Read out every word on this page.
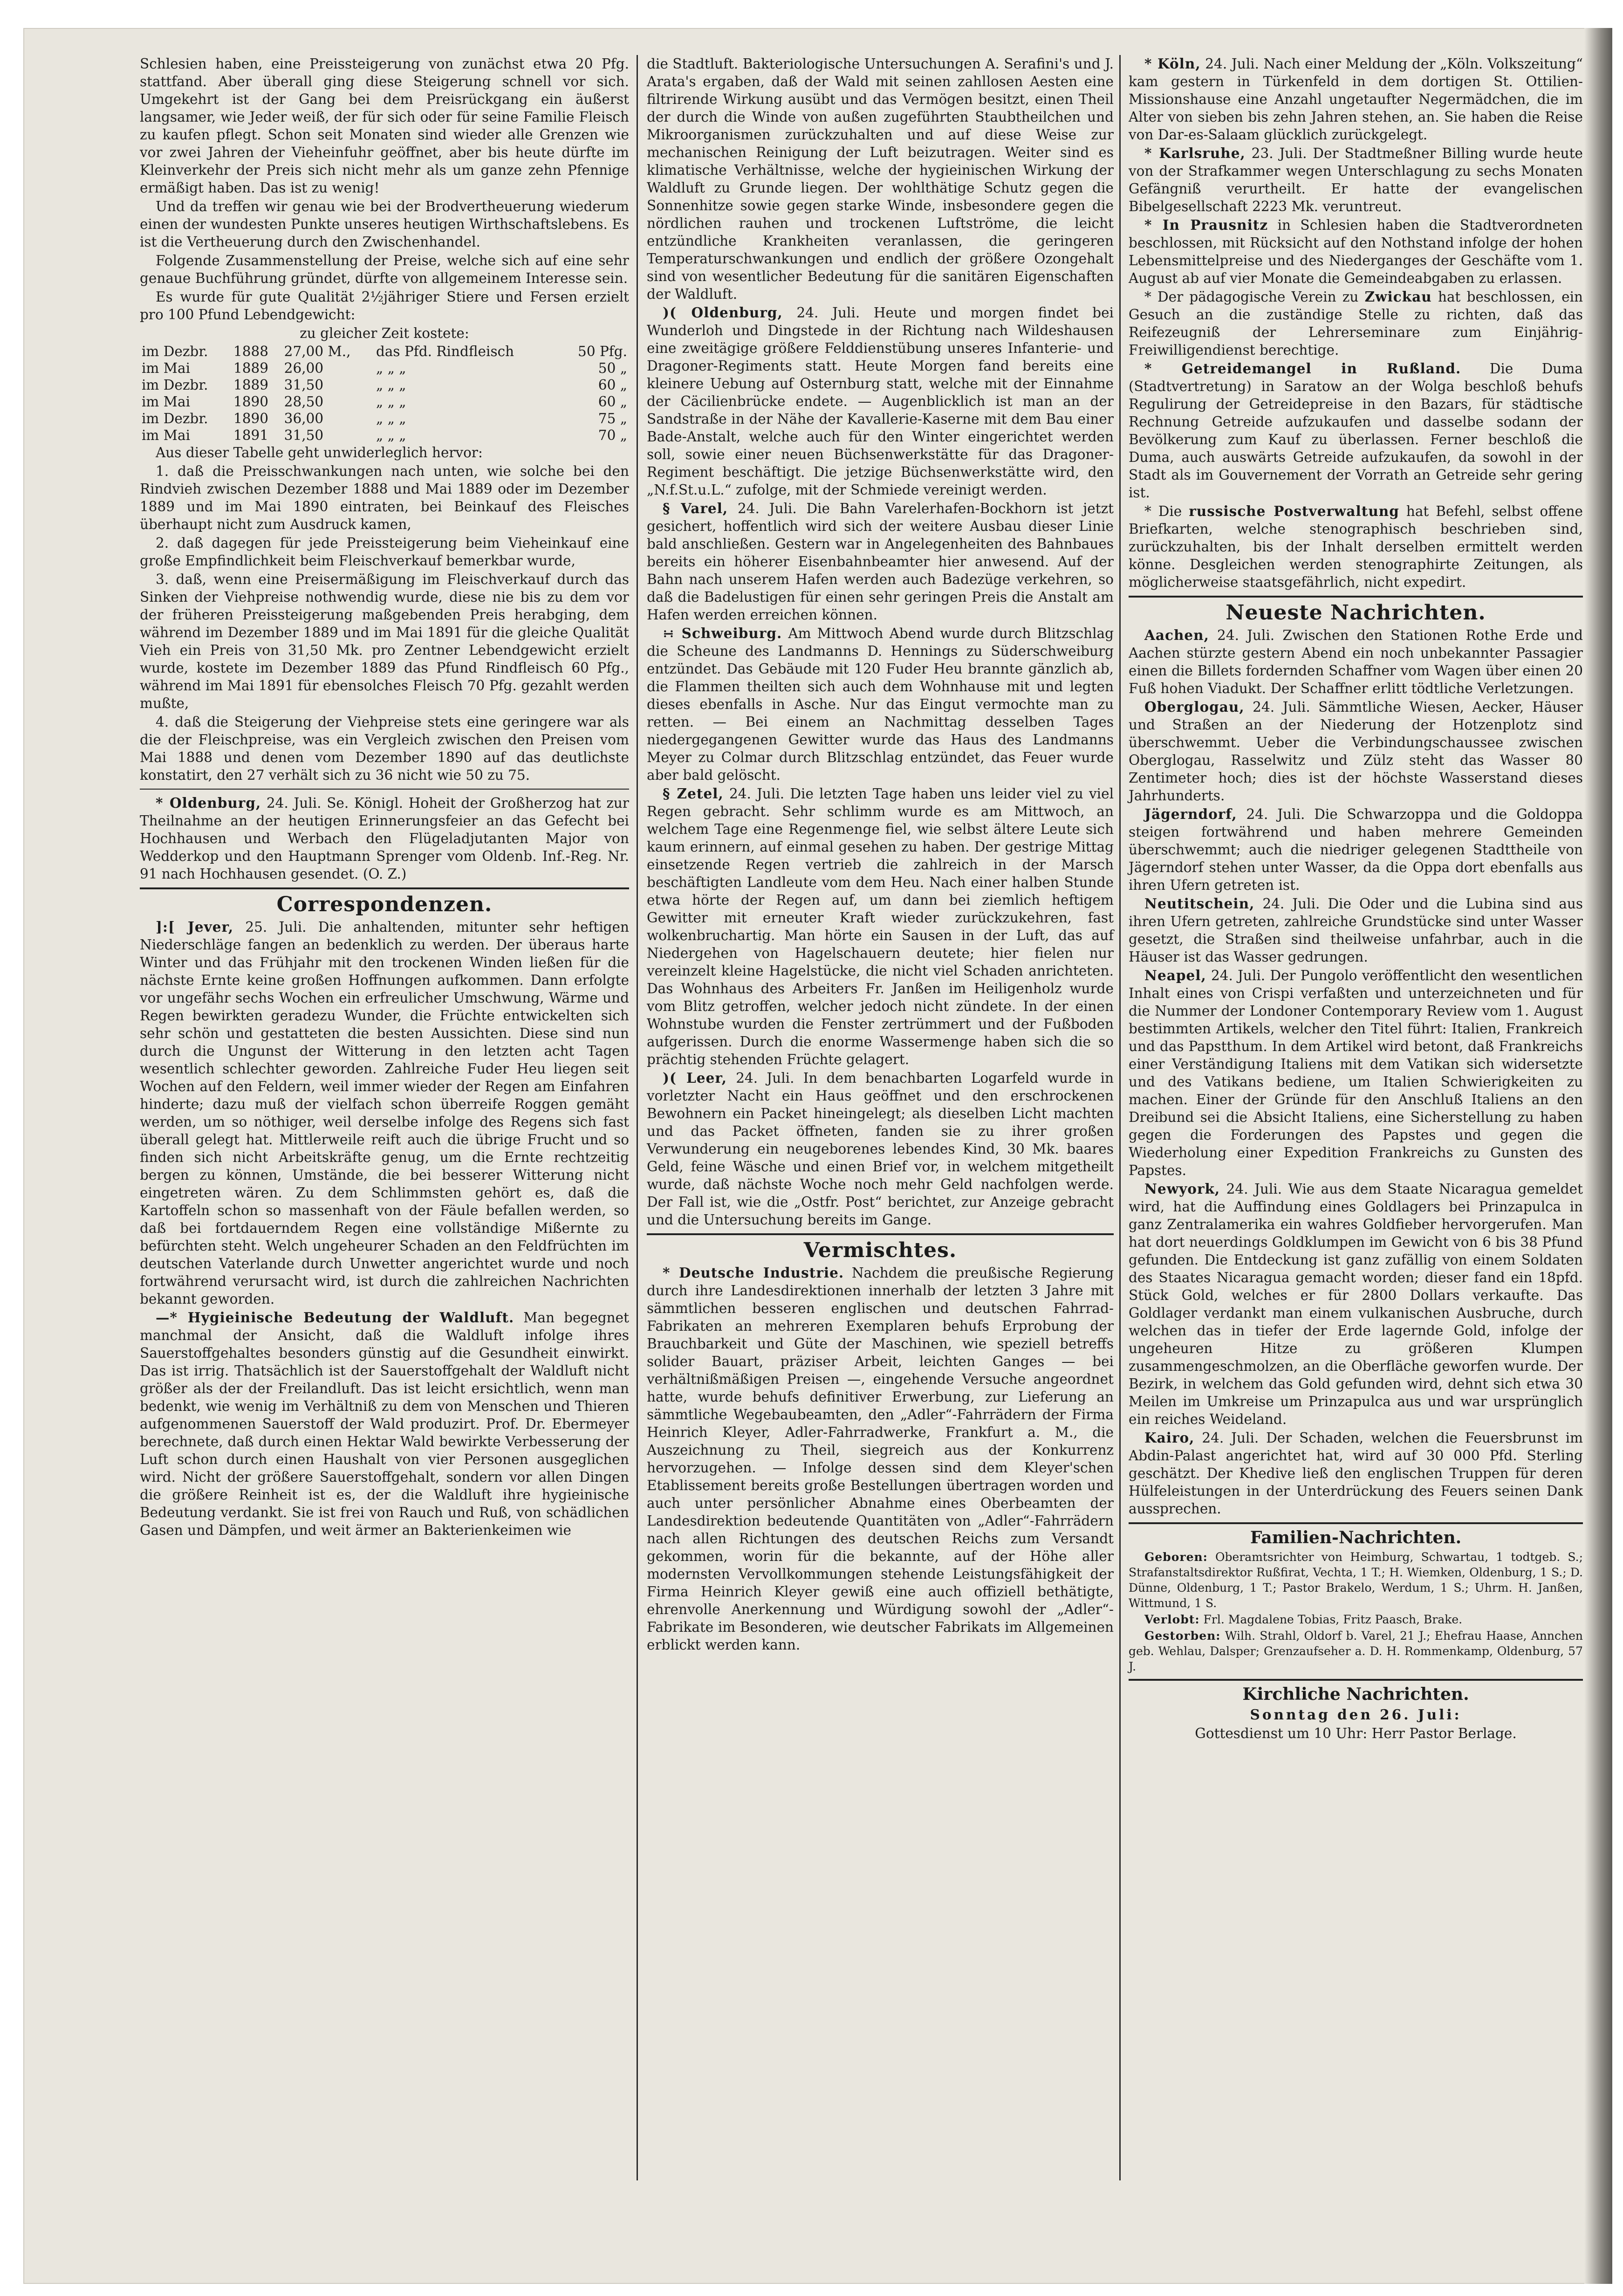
Schlesien haben, eine Preissteigerung von zunächst etwa 20 Pfg. stattfand. Aber überall ging diese Steigerung schnell vor sich. Umgekehrt ist der Gang bei dem Preisrückgang ein äußerst langsamer, wie Jeder weiß, der für sich oder für seine Familie Fleisch zu kaufen pflegt. Schon seit Monaten sind wieder alle Grenzen wie vor zwei Jahren der Vieheinfuhr geöffnet, aber bis heute dürfte im Kleinverkehr der Preis sich nicht mehr als um ganze zehn Pfennige ermäßigt haben. Das ist zu wenig!

Und da treffen wir genau wie bei der Brodvertheuerung wiederum einen der wundesten Punkte unseres heutigen Wirthschaftslebens. Es ist die Vertheuerung durch den Zwischenhandel.

Folgende Zusammenstellung der Preise, welche sich auf eine sehr genaue Buchführung gründet, dürfte von allgemeinem Interesse sein.

Es wurde für gute Qualität 2½jähriger Stiere und Fersen erzielt pro 100 Pfund Lebendgewicht:

zu gleicher Zeit kostete:

im Dezbr.	1888	27,00 M.,	das Pfd. Rindfleisch	50 Pfg.
im Mai	1889	26,00	„ „ „	50 „
im Dezbr.	1889	31,50	„ „ „	60 „
im Mai	1890	28,50	„ „ „	60 „
im Dezbr.	1890	36,00	„ „ „	75 „
im Mai	1891	31,50	„ „ „	70 „

Aus dieser Tabelle geht unwiderleglich hervor:

1. daß die Preisschwankungen nach unten, wie solche bei den Rindvieh zwischen Dezember 1888 und Mai 1889 oder im Dezember 1889 und im Mai 1890 eintraten, bei Beinkauf des Fleisches überhaupt nicht zum Ausdruck kamen,

2. daß dagegen für jede Preissteigerung beim Vieheinkauf eine große Empfindlichkeit beim Fleischverkauf bemerkbar wurde,

3. daß, wenn eine Preisermäßigung im Fleischverkauf durch das Sinken der Viehpreise nothwendig wurde, diese nie bis zu dem vor der früheren Preissteigerung maßgebenden Preis herabging, dem während im Dezember 1889 und im Mai 1891 für die gleiche Qualität Vieh ein Preis von 31,50 Mk. pro Zentner Lebendgewicht erzielt wurde, kostete im Dezember 1889 das Pfund Rindfleisch 60 Pfg., während im Mai 1891 für ebensolches Fleisch 70 Pfg. gezahlt werden mußte,

4. daß die Steigerung der Viehpreise stets eine geringere war als die der Fleischpreise, was ein Vergleich zwischen den Preisen vom Mai 1888 und denen vom Dezember 1890 auf das deutlichste konstatirt, den 27 verhält sich zu 36 nicht wie 50 zu 75.

* Oldenburg, 24. Juli. Se. Königl. Hoheit der Großherzog hat zur Theilnahme an der heutigen Erinnerungsfeier an das Gefecht bei Hochhausen und Werbach den Flügeladjutanten Major von Wedderkop und den Hauptmann Sprenger vom Oldenb. Inf.-Reg. Nr. 91 nach Hochhausen gesendet. (O. Z.)

Correspondenzen.

]:[ Jever, 25. Juli. Die anhaltenden, mitunter sehr heftigen Niederschläge fangen an bedenklich zu werden. Der überaus harte Winter und das Frühjahr mit den trockenen Winden ließen für die nächste Ernte keine großen Hoffnungen aufkommen. Dann erfolgte vor ungefähr sechs Wochen ein erfreulicher Umschwung, Wärme und Regen bewirkten geradezu Wunder, die Früchte entwickelten sich sehr schön und gestatteten die besten Aussichten. Diese sind nun durch die Ungunst der Witterung in den letzten acht Tagen wesentlich schlechter geworden. Zahlreiche Fuder Heu liegen seit Wochen auf den Feldern, weil immer wieder der Regen am Einfahren hinderte; dazu muß der vielfach schon überreife Roggen gemäht werden, um so nöthiger, weil derselbe infolge des Regens sich fast überall gelegt hat. Mittlerweile reift auch die übrige Frucht und so finden sich nicht Arbeitskräfte genug, um die Ernte rechtzeitig bergen zu können, Umstände, die bei besserer Witterung nicht eingetreten wären. Zu dem Schlimmsten gehört es, daß die Kartoffeln schon so massenhaft von der Fäule befallen werden, so daß bei fortdauerndem Regen eine vollständige Mißernte zu befürchten steht. Welch ungeheurer Schaden an den Feldfrüchten im deutschen Vaterlande durch Unwetter angerichtet wurde und noch fortwährend verursacht wird, ist durch die zahlreichen Nachrichten bekannt geworden.

—* Hygieinische Bedeutung der Waldluft. Man begegnet manchmal der Ansicht, daß die Waldluft infolge ihres Sauerstoffgehaltes besonders günstig auf die Gesundheit einwirkt. Das ist irrig. Thatsächlich ist der Sauerstoffgehalt der Waldluft nicht größer als der der Freilandluft. Das ist leicht ersichtlich, wenn man bedenkt, wie wenig im Verhältniß zu dem von Menschen und Thieren aufgenommenen Sauerstoff der Wald produzirt. Prof. Dr. Ebermeyer berechnete, daß durch einen Hektar Wald bewirkte Verbesserung der Luft schon durch einen Haushalt von vier Personen ausgeglichen wird. Nicht der größere Sauerstoffgehalt, sondern vor allen Dingen die größere Reinheit ist es, der die Waldluft ihre hygieinische Bedeutung verdankt. Sie ist frei von Rauch und Ruß, von schädlichen Gasen und Dämpfen, und weit ärmer an Bakterienkeimen wie

die Stadtluft. Bakteriologische Untersuchungen A. Serafini's und J. Arata's ergaben, daß der Wald mit seinen zahllosen Aesten eine filtrirende Wirkung ausübt und das Vermögen besitzt, einen Theil der durch die Winde von außen zugeführten Staubtheilchen und Mikroorganismen zurückzuhalten und auf diese Weise zur mechanischen Reinigung der Luft beizutragen. Weiter sind es klimatische Verhältnisse, welche der hygieinischen Wirkung der Waldluft zu Grunde liegen. Der wohlthätige Schutz gegen die Sonnenhitze sowie gegen starke Winde, insbesondere gegen die nördlichen rauhen und trockenen Luftströme, die leicht entzündliche Krankheiten veranlassen, die geringeren Temperaturschwankungen und endlich der größere Ozongehalt sind von wesentlicher Bedeutung für die sanitären Eigenschaften der Waldluft.

)( Oldenburg, 24. Juli. Heute und morgen findet bei Wunderloh und Dingstede in der Richtung nach Wildeshausen eine zweitägige größere Felddienstübung unseres Infanterie- und Dragoner-Regiments statt. Heute Morgen fand bereits eine kleinere Uebung auf Osternburg statt, welche mit der Einnahme der Cäcilienbrücke endete. — Augenblicklich ist man an der Sandstraße in der Nähe der Kavallerie-Kaserne mit dem Bau einer Bade-Anstalt, welche auch für den Winter eingerichtet werden soll, sowie einer neuen Büchsenwerkstätte für das Dragoner-Regiment beschäftigt. Die jetzige Büchsenwerkstätte wird, den „N.f.St.u.L.“ zufolge, mit der Schmiede vereinigt werden.

§ Varel, 24. Juli. Die Bahn Varelerhafen-Bockhorn ist jetzt gesichert, hoffentlich wird sich der weitere Ausbau dieser Linie bald anschließen. Gestern war in Angelegenheiten des Bahnbaues bereits ein höherer Eisenbahnbeamter hier anwesend. Auf der Bahn nach unserem Hafen werden auch Badezüge verkehren, so daß die Badelustigen für einen sehr geringen Preis die Anstalt am Hafen werden erreichen können.

∺ Schweiburg. Am Mittwoch Abend wurde durch Blitzschlag die Scheune des Landmanns D. Hennings zu Süderschweiburg entzündet. Das Gebäude mit 120 Fuder Heu brannte gänzlich ab, die Flammen theilten sich auch dem Wohnhause mit und legten dieses ebenfalls in Asche. Nur das Eingut vermochte man zu retten. — Bei einem an Nachmittag desselben Tages niedergegangenen Gewitter wurde das Haus des Landmanns Meyer zu Colmar durch Blitzschlag entzündet, das Feuer wurde aber bald gelöscht.

§ Zetel, 24. Juli. Die letzten Tage haben uns leider viel zu viel Regen gebracht. Sehr schlimm wurde es am Mittwoch, an welchem Tage eine Regenmenge fiel, wie selbst ältere Leute sich kaum erinnern, auf einmal gesehen zu haben. Der gestrige Mittag einsetzende Regen vertrieb die zahlreich in der Marsch beschäftigten Landleute vom dem Heu. Nach einer halben Stunde etwa hörte der Regen auf, um dann bei ziemlich heftigem Gewitter mit erneuter Kraft wieder zurückzukehren, fast wolkenbruchartig. Man hörte ein Sausen in der Luft, das auf Niedergehen von Hagelschauern deutete; hier fielen nur vereinzelt kleine Hagelstücke, die nicht viel Schaden anrichteten. Das Wohnhaus des Arbeiters Fr. Janßen im Heiligenholz wurde vom Blitz getroffen, welcher jedoch nicht zündete. In der einen Wohnstube wurden die Fenster zertrümmert und der Fußboden aufgerissen. Durch die enorme Wassermenge haben sich die so prächtig stehenden Früchte gelagert.

)( Leer, 24. Juli. In dem benachbarten Logarfeld wurde in vorletzter Nacht ein Haus geöffnet und den erschrockenen Bewohnern ein Packet hineingelegt; als dieselben Licht machten und das Packet öffneten, fanden sie zu ihrer großen Verwunderung ein neugeborenes lebendes Kind, 30 Mk. baares Geld, feine Wäsche und einen Brief vor, in welchem mitgetheilt wurde, daß nächste Woche noch mehr Geld nachfolgen werde. Der Fall ist, wie die „Ostfr. Post“ berichtet, zur Anzeige gebracht und die Untersuchung bereits im Gange.

Vermischtes.

* Deutsche Industrie. Nachdem die preußische Regierung durch ihre Landesdirektionen innerhalb der letzten 3 Jahre mit sämmtlichen besseren englischen und deutschen Fahrrad-Fabrikaten an mehreren Exemplaren behufs Erprobung der Brauchbarkeit und Güte der Maschinen, wie speziell betreffs solider Bauart, präziser Arbeit, leichten Ganges — bei verhältnißmäßigen Preisen —, eingehende Versuche angeordnet hatte, wurde behufs definitiver Erwerbung, zur Lieferung an sämmtliche Wegebaubeamten, den „Adler“-Fahrrädern der Firma Heinrich Kleyer, Adler-Fahrradwerke, Frankfurt a. M., die Auszeichnung zu Theil, siegreich aus der Konkurrenz hervorzugehen. — Infolge dessen sind dem Kleyer'schen Etablissement bereits große Bestellungen übertragen worden und auch unter persönlicher Abnahme eines Oberbeamten der Landesdirektion bedeutende Quantitäten von „Adler“-Fahrrädern nach allen Richtungen des deutschen Reichs zum Versandt gekommen, worin für die bekannte, auf der Höhe aller modernsten Vervollkommungen stehende Leistungsfähigkeit der Firma Heinrich Kleyer gewiß eine auch offiziell bethätigte, ehrenvolle Anerkennung und Würdigung sowohl der „Adler“-Fabrikate im Besonderen, wie deutscher Fabrikats im Allgemeinen erblickt werden kann.

* Köln, 24. Juli. Nach einer Meldung der „Köln. Volkszeitung“ kam gestern in Türkenfeld in dem dortigen St. Ottilien-Missionshause eine Anzahl ungetaufter Negermädchen, die im Alter von sieben bis zehn Jahren stehen, an. Sie haben die Reise von Dar-es-Salaam glücklich zurückgelegt.

* Karlsruhe, 23. Juli. Der Stadtmeßner Billing wurde heute von der Strafkammer wegen Unterschlagung zu sechs Monaten Gefängniß verurtheilt. Er hatte der evangelischen Bibelgesellschaft 2223 Mk. veruntreut.

* In Prausnitz in Schlesien haben die Stadtverordneten beschlossen, mit Rücksicht auf den Nothstand infolge der hohen Lebensmittelpreise und des Niederganges der Geschäfte vom 1. August ab auf vier Monate die Gemeindeabgaben zu erlassen.

* Der pädagogische Verein zu Zwickau hat beschlossen, ein Gesuch an die zuständige Stelle zu richten, daß das Reifezeugniß der Lehrerseminare zum Einjährig-Freiwilligendienst berechtige.

* Getreidemangel in Rußland. Die Duma (Stadtvertretung) in Saratow an der Wolga beschloß behufs Regulirung der Getreidepreise in den Bazars, für städtische Rechnung Getreide aufzukaufen und dasselbe sodann der Bevölkerung zum Kauf zu überlassen. Ferner beschloß die Duma, auch auswärts Getreide aufzukaufen, da sowohl in der Stadt als im Gouvernement der Vorrath an Getreide sehr gering ist.

* Die russische Postverwaltung hat Befehl, selbst offene Briefkarten, welche stenographisch beschrieben sind, zurückzuhalten, bis der Inhalt derselben ermittelt werden könne. Desgleichen werden stenographirte Zeitungen, als möglicherweise staatsgefährlich, nicht expedirt.

Neueste Nachrichten.

Aachen, 24. Juli. Zwischen den Stationen Rothe Erde und Aachen stürzte gestern Abend ein noch unbekannter Passagier einen die Billets fordernden Schaffner vom Wagen über einen 20 Fuß hohen Viadukt. Der Schaffner erlitt tödtliche Verletzungen.

Oberglogau, 24. Juli. Sämmtliche Wiesen, Aecker, Häuser und Straßen an der Niederung der Hotzenplotz sind überschwemmt. Ueber die Verbindungschaussee zwischen Oberglogau, Rasselwitz und Zülz steht das Wasser 80 Zentimeter hoch; dies ist der höchste Wasserstand dieses Jahrhunderts.

Jägerndorf, 24. Juli. Die Schwarzoppa und die Goldoppa steigen fortwährend und haben mehrere Gemeinden überschwemmt; auch die niedriger gelegenen Stadttheile von Jägerndorf stehen unter Wasser, da die Oppa dort ebenfalls aus ihren Ufern getreten ist.

Neutitschein, 24. Juli. Die Oder und die Lubina sind aus ihren Ufern getreten, zahlreiche Grundstücke sind unter Wasser gesetzt, die Straßen sind theilweise unfahrbar, auch in die Häuser ist das Wasser gedrungen.

Neapel, 24. Juli. Der Pungolo veröffentlicht den wesentlichen Inhalt eines von Crispi verfaßten und unterzeichneten und für die Nummer der Londoner Contemporary Review vom 1. August bestimmten Artikels, welcher den Titel führt: Italien, Frankreich und das Papstthum. In dem Artikel wird betont, daß Frankreichs einer Verständigung Italiens mit dem Vatikan sich widersetzte und des Vatikans bediene, um Italien Schwierigkeiten zu machen. Einer der Gründe für den Anschluß Italiens an den Dreibund sei die Absicht Italiens, eine Sicherstellung zu haben gegen die Forderungen des Papstes und gegen die Wiederholung einer Expedition Frankreichs zu Gunsten des Papstes.

Newyork, 24. Juli. Wie aus dem Staate Nicaragua gemeldet wird, hat die Auffindung eines Goldlagers bei Prinzapulca in ganz Zentralamerika ein wahres Goldfieber hervorgerufen. Man hat dort neuerdings Goldklumpen im Gewicht von 6 bis 38 Pfund gefunden. Die Entdeckung ist ganz zufällig von einem Soldaten des Staates Nicaragua gemacht worden; dieser fand ein 18pfd. Stück Gold, welches er für 2800 Dollars verkaufte. Das Goldlager verdankt man einem vulkanischen Ausbruche, durch welchen das in tiefer der Erde lagernde Gold, infolge der ungeheuren Hitze zu größeren Klumpen zusammengeschmolzen, an die Oberfläche geworfen wurde. Der Bezirk, in welchem das Gold gefunden wird, dehnt sich etwa 30 Meilen im Umkreise um Prinzapulca aus und war ursprünglich ein reiches Weideland.

Kairo, 24. Juli. Der Schaden, welchen die Feuersbrunst im Abdin-Palast angerichtet hat, wird auf 30 000 Pfd. Sterling geschätzt. Der Khedive ließ den englischen Truppen für deren Hülfeleistungen in der Unterdrückung des Feuers seinen Dank aussprechen.

Familien-Nachrichten.

Geboren: Oberamtsrichter von Heimburg, Schwartau, 1 todtgeb. S.; Strafanstaltsdirektor Rußfirat, Vechta, 1 T.; H. Wiemken, Oldenburg, 1 S.; D. Dünne, Oldenburg, 1 T.; Pastor Brakelo, Werdum, 1 S.; Uhrm. H. Janßen, Wittmund, 1 S.

Verlobt: Frl. Magdalene Tobias, Fritz Paasch, Brake.

Gestorben: Wilh. Strahl, Oldorf b. Varel, 21 J.; Ehefrau Haase, Annchen geb. Wehlau, Dalsper; Grenzaufseher a. D. H. Rommenkamp, Oldenburg, 57 J.

Kirchliche Nachrichten.

Sonntag den 26. Juli:

Gottesdienst um 10 Uhr: Herr Pastor Berlage.
